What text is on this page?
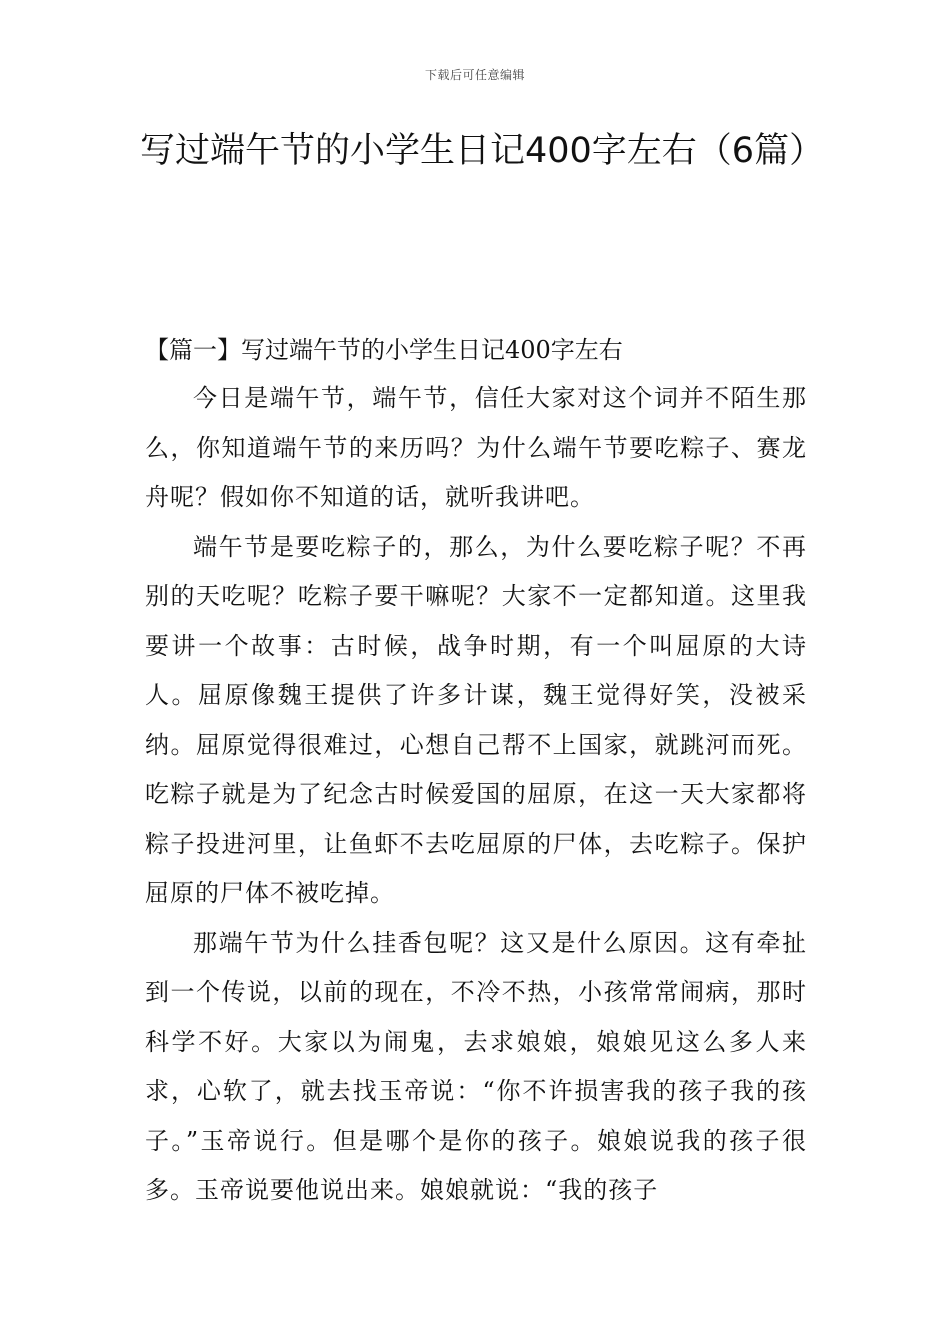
下载后可任意编辑
写过端午节的小学生日记400字左右（6篇）
【篇一】写过端午节的小学生日记400字左右

今日是端午节，端午节，信任大家对这个词并不陌生那么，你知道端午节的来历吗？为什么端午节要吃粽子、赛龙舟呢？假如你不知道的话，就听我讲吧。

端午节是要吃粽子的，那么，为什么要吃粽子呢？不再别的天吃呢？吃粽子要干嘛呢？大家不一定都知道。这里我要讲一个故事：古时候，战争时期，有一个叫屈原的大诗人。屈原像魏王提供了许多计谋，魏王觉得好笑，没被采纳。屈原觉得很难过，心想自己帮不上国家，就跳河而死。吃粽子就是为了纪念古时候爱国的屈原，在这一天大家都将粽子投进河里，让鱼虾不去吃屈原的尸体，去吃粽子。保护屈原的尸体不被吃掉。

那端午节为什么挂香包呢？这又是什么原因。这有牵扯到一个传说，以前的现在，不冷不热，小孩常常闹病，那时科学不好。大家以为闹鬼，去求娘娘，娘娘见这么多人来求，心软了，就去找玉帝说：“你不许损害我的孩子我的孩子。”玉帝说行。但是哪个是你的孩子。娘娘说我的孩子很多。玉帝说要他说出来。娘娘就说：“我的孩子
